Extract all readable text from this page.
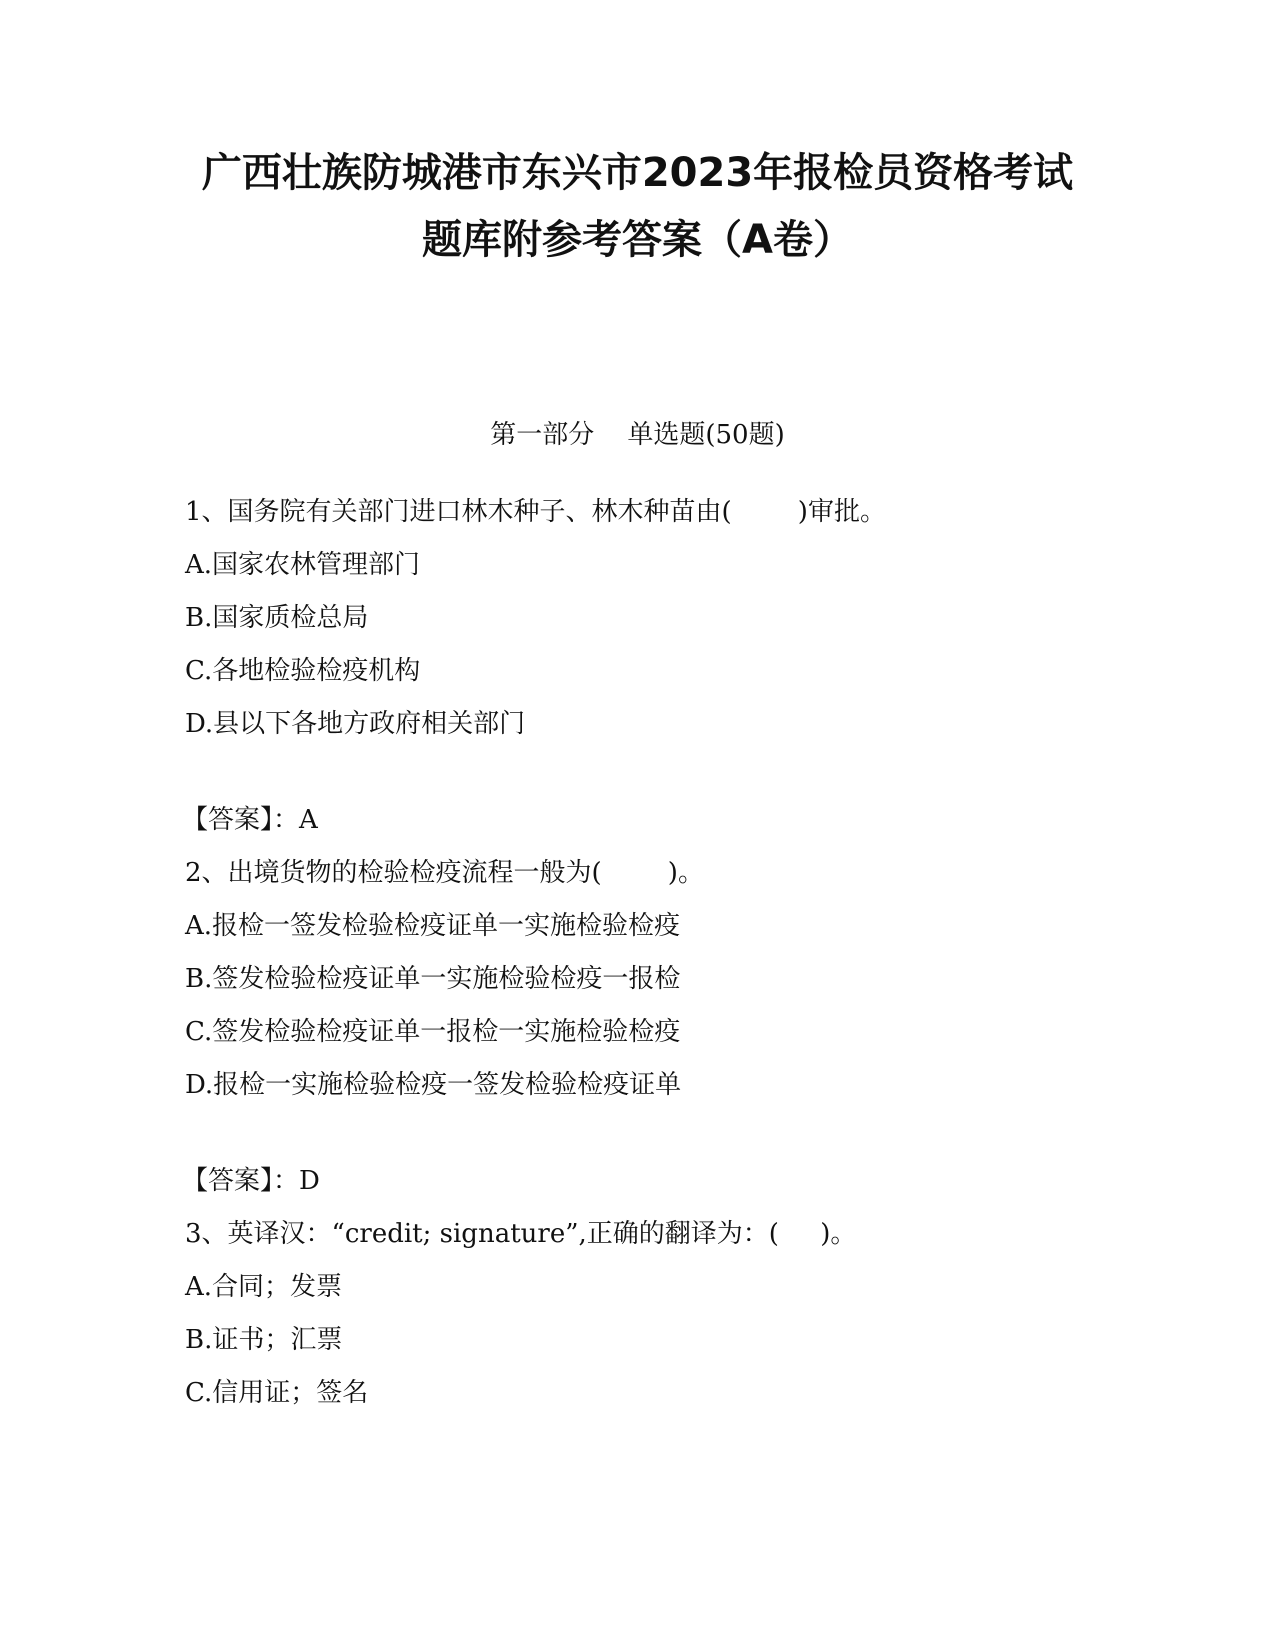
广西壮族防城港市东兴市2023年报检员资格考试
题库附参考答案（A卷）
第一部分    单选题(50题)
1、国务院有关部门进口林木种子、林木种苗由(        )审批。
A.国家农林管理部门
B.国家质检总局
C.各地检验检疫机构
D.县以下各地方政府相关部门
【答案】：A
2、出境货物的检验检疫流程一般为(        )。
A.报检一签发检验检疫证单一实施检验检疫
B.签发检验检疫证单一实施检验检疫一报检
C.签发检验检疫证单一报检一实施检验检疫
D.报检一实施检验检疫一签发检验检疫证单
【答案】：D
3、英译汉：“credit; signature”,正确的翻译为：(     )。
A.合同；发票
B.证书；汇票
C.信用证；签名
